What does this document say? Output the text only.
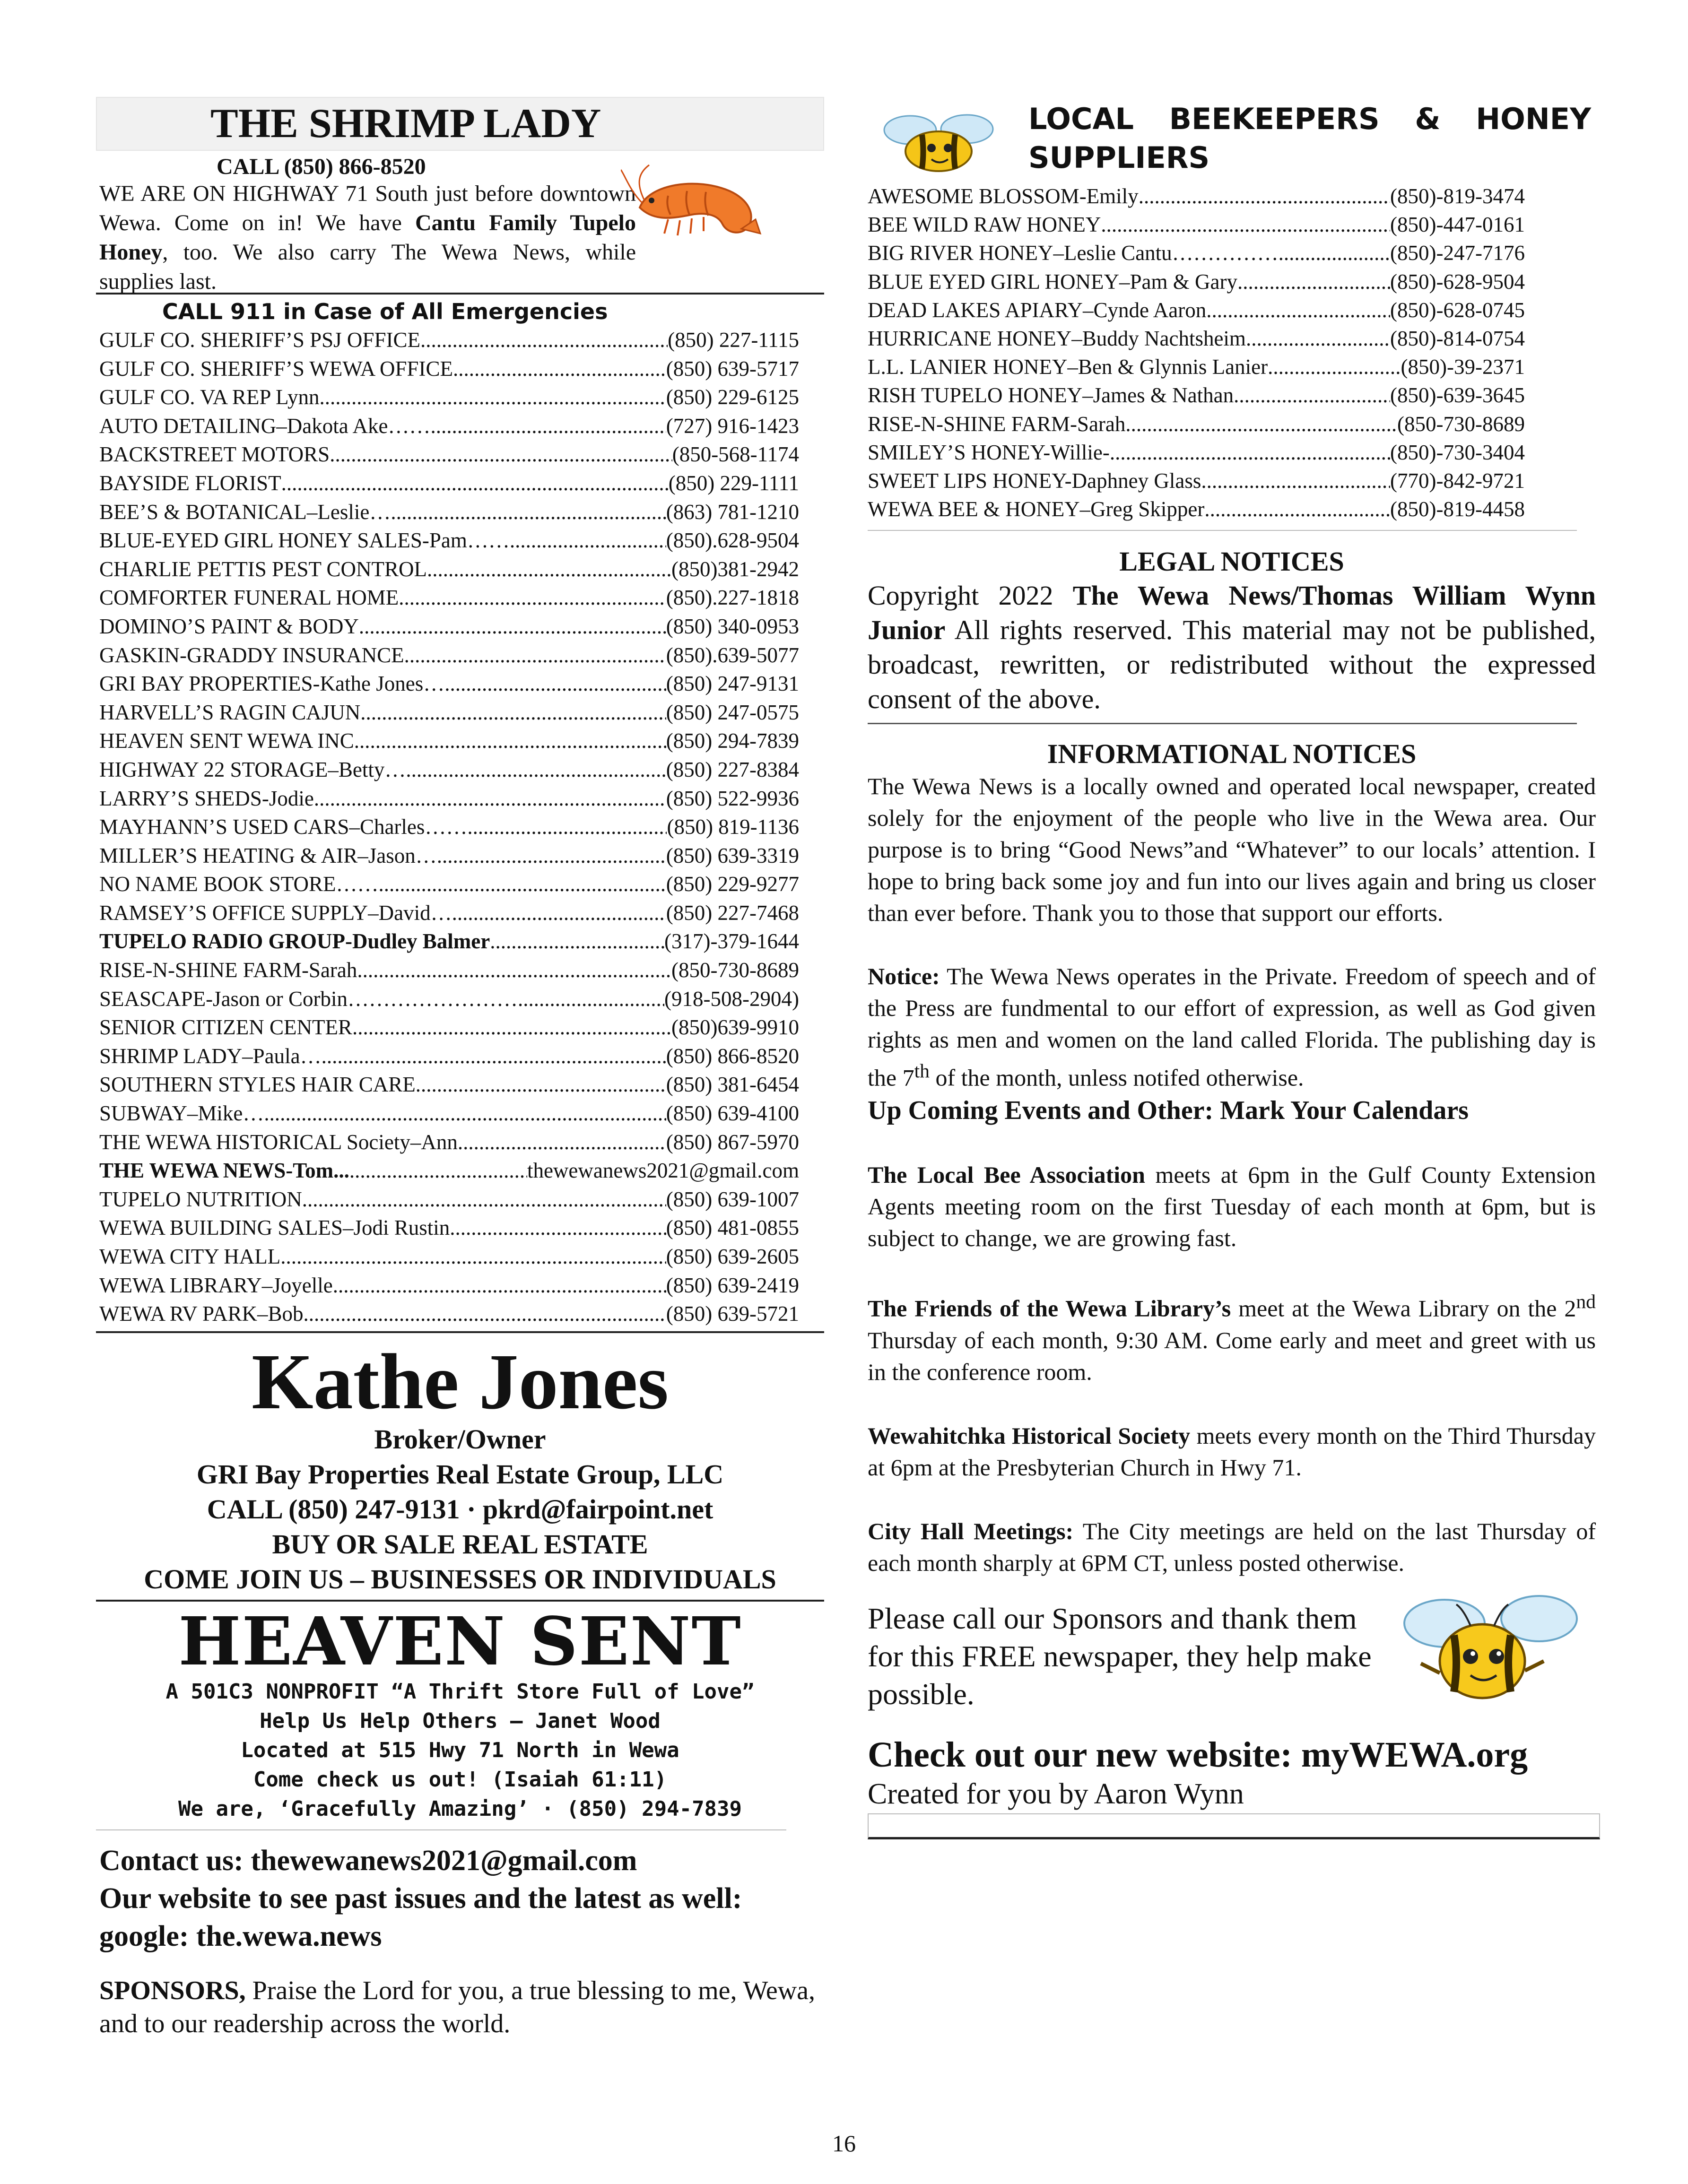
THE SHRIMP LADY
CALL (850) 866-8520
WE ARE ON HIGHWAY 71 South just before downtown Wewa. Come on in! We have Cantu Family Tupelo Honey, too. We also carry The Wewa News, while supplies last.
CALL 911 in Case of All Emergencies
GULF CO. SHERIFF’S PSJ OFFICE .....	(850) 227-1115
GULF CO. SHERIFF’S WEWA OFFICE .....	(850) 639-5717
GULF CO. VA REP Lynn .....	(850) 229-6125
AUTO DETAILING–Dakota Ake…… .....	(727) 916-1423
BACKSTREET MOTORS .....	(850-568-1174
BAYSIDE FLORIST .....	(850) 229-1111
BEE’S & BOTANICAL–Leslie… .....	(863) 781-1210
BLUE-EYED GIRL HONEY SALES-Pam…… .....	(850).628-9504
CHARLIE PETTIS PEST CONTROL .....	(850)381-2942
COMFORTER FUNERAL HOME .....	(850).227-1818
DOMINO’S PAINT & BODY .....	(850) 340-0953
GASKIN-GRADDY INSURANCE .....	(850).639-5077
GRI BAY PROPERTIES-Kathe Jones… .....	(850) 247-9131
HARVELL’S RAGIN CAJUN .....	(850) 247-0575
HEAVEN SENT WEWA INC .....	(850) 294-7839
HIGHWAY 22 STORAGE–Betty… .....	(850) 227-8384
LARRY’S SHEDS-Jodie .....	(850) 522-9936
MAYHANN’S USED CARS–Charles…… .....	(850) 819-1136
MILLER’S HEATING & AIR–Jason… .....	(850) 639-3319
NO NAME BOOK STORE…… .....	(850) 229-9277
RAMSEY’S OFFICE SUPPLY–David… .....	(850) 227-7468
TUPELO RADIO GROUP-Dudley Balmer .....	(317)-379-1644
RISE-N-SHINE FARM-Sarah .....	(850-730-8689
SEASCAPE-Jason or Corbin…………………… .....	(918-508-2904)
SENIOR CITIZEN CENTER .....	(850)639-9910
SHRIMP LADY–Paula… .....	(850) 866-8520
SOUTHERN STYLES HAIR CARE .....	(850) 381-6454
SUBWAY–Mike… .....	(850) 639-4100
THE WEWA HISTORICAL Society–Ann .....	(850) 867-5970
THE WEWA NEWS-Tom... .....	thewewanews2021@gmail.com
TUPELO NUTRITION .....	(850) 639-1007
WEWA BUILDING SALES–Jodi Rustin .....	(850) 481-0855
WEWA CITY HALL .....	(850) 639-2605
WEWA LIBRARY–Joyelle .....	(850) 639-2419
WEWA RV PARK–Bob .....	(850) 639-5721
Kathe Jones
Broker/Owner
GRI Bay Properties Real Estate Group, LLC
CALL (850) 247-9131 · pkrd@fairpoint.net
BUY OR SALE REAL ESTATE
COME JOIN US – BUSINESSES OR INDIVIDUALS
HEAVEN SENT
A 501C3 NONPROFIT “A Thrift Store Full of Love”
Help Us Help Others – Janet Wood
Located at 515 Hwy 71 North in Wewa
Come check us out! (Isaiah 61:11)
We are, ‘Gracefully Amazing’ · (850) 294-7839
Contact us: thewewanews2021@gmail.com
Our website to see past issues and the latest as well: google: the.wewa.news
SPONSORS, Praise the Lord for you, a true blessing to me, Wewa, and to our readership across the world.
LOCAL BEEKEEPERS & HONEY SUPPLIERS
AWESOME BLOSSOM-Emily .....	(850)-819-3474
BEE WILD RAW HONEY .....	(850)-447-0161
BIG RIVER HONEY–Leslie Cantu…………… .....	(850)-247-7176
BLUE EYED GIRL HONEY–Pam & Gary .....	(850)-628-9504
DEAD LAKES APIARY–Cynde Aaron .....	(850)-628-0745
HURRICANE HONEY–Buddy Nachtsheim .....	(850)-814-0754
L.L. LANIER HONEY–Ben & Glynnis Lanier .....	(850)-39-2371
RISH TUPELO HONEY–James & Nathan .....	(850)-639-3645
RISE-N-SHINE FARM-Sarah .....	(850-730-8689
SMILEY’S HONEY-Willie- .....	(850)-730-3404
SWEET LIPS HONEY-Daphney Glass .....	(770)-842-9721
WEWA BEE & HONEY–Greg Skipper .....	(850)-819-4458
LEGAL NOTICES
Copyright 2022 The Wewa News/Thomas William Wynn Junior All rights reserved. This material may not be published, broadcast, rewritten, or redistributed without the expressed consent of the above.
INFORMATIONAL NOTICES
The Wewa News is a locally owned and operated local newspaper, created solely for the enjoyment of the people who live in the Wewa area. Our purpose is to bring “Good News”and “Whatever” to our locals’ attention. I hope to bring back some joy and fun into our lives again and bring us closer than ever before. Thank you to those that support our efforts.
Notice: The Wewa News operates in the Private. Freedom of speech and of the Press are fundmental to our effort of expression, as well as God given rights as men and women on the land called Florida. The publishing day is the 7th of the month, unless notifed otherwise.
Up Coming Events and Other: Mark Your Calendars
The Local Bee Association meets at 6pm in the Gulf County Extension Agents meeting room on the first Tuesday of each month at 6pm, but is subject to change, we are growing fast.
The Friends of the Wewa Library’s meet at the Wewa Library on the 2nd Thursday of each month, 9:30 AM. Come early and meet and greet with us in the conference room.
Wewahitchka Historical Society meets every month on the Third Thursday at 6pm at the Presbyterian Church in Hwy 71.
City Hall Meetings: The City meetings are held on the last Thursday of each month sharply at 6PM CT, unless posted otherwise.
Please call our Sponsors and thank them for this FREE newspaper, they help make possible.
Check out our new website: myWEWA.org
Created for you by Aaron Wynn
16
